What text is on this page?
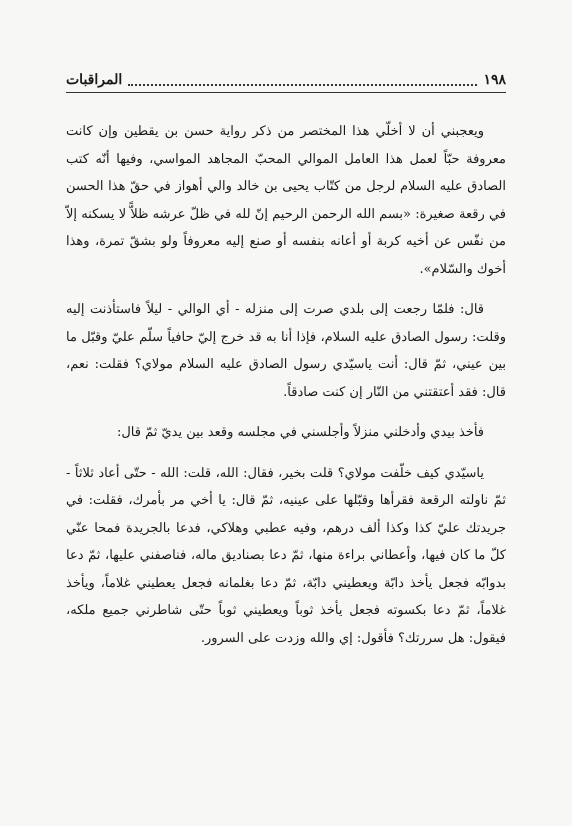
١٩٨
المراقبات

ويعجبني أن لا أخلّي هذا المختصر من ذكر رواية حسن بن يقطين وإن كانت معروفة حبّاً لعمل هذا العامل الموالي المحبّ المجاهد المواسي، وفيها أنّه كتب الصادق عليه السلام لرجل من كتّاب يحيى بن خالد والي أهواز في حقّ هذا الحسن في رقعة صغيرة: «بسم الله الرحمن الرحيم إنّ لله في ظلّ عرشه ظلاًّ لا يسكنه إلاّ من نفّس عن أخيه كربة أو أعانه بنفسه أو صنع إليه معروفاً ولو بشقّ تمرة، وهذا أخوك والسّلام».

قال: فلمّا رجعت إلى بلدي صرت إلى منزله - أي الوالي - ليلاً فاستأذنت إليه وقلت: رسول الصادق عليه السلام، فإذا أنا به قد خرج إليّ حافياً سلّم عليّ وقبّل ما بين عيني، ثمّ قال: أنت ياسيّدي رسول الصادق عليه السلام مولاي؟ فقلت: نعم، قال: فقد أعتقتني من النّار إن كنت صادقاً.

فأخذ بيدي وأدخلني منزلاً وأجلسني في مجلسه وقعد بين يديّ ثمّ قال:

ياسيّدي كيف خلّفت مولاي؟ قلت بخير، فقال: الله، قلت: الله - حتّى أعاد ثلاثاً - ثمّ ناولته الرقعة فقرأها وقبّلها على عينيه، ثمّ قال: يا أخي مر بأمرك، فقلت: في جريدتك عليّ كذا وكذا ألف درهم، وفيه عطبي وهلاكي، فدعا بالجريدة فمحا عنّي كلّ ما كان فيها، وأعطاني براءة منها، ثمّ دعا بصناديق ماله، فناصفني عليها، ثمّ دعا بدوابّه فجعل يأخذ دابّة ويعطيني دابّة، ثمّ دعا بغلمانه فجعل يعطيني غلاماً، ويأخذ غلاماً، ثمّ دعا بكسوته فجعل يأخذ ثوباً ويعطيني ثوباً حتّى شاطرني جميع ملكه، فيقول: هل سررتك؟ فأقول: إي والله وزدت على السرور.
